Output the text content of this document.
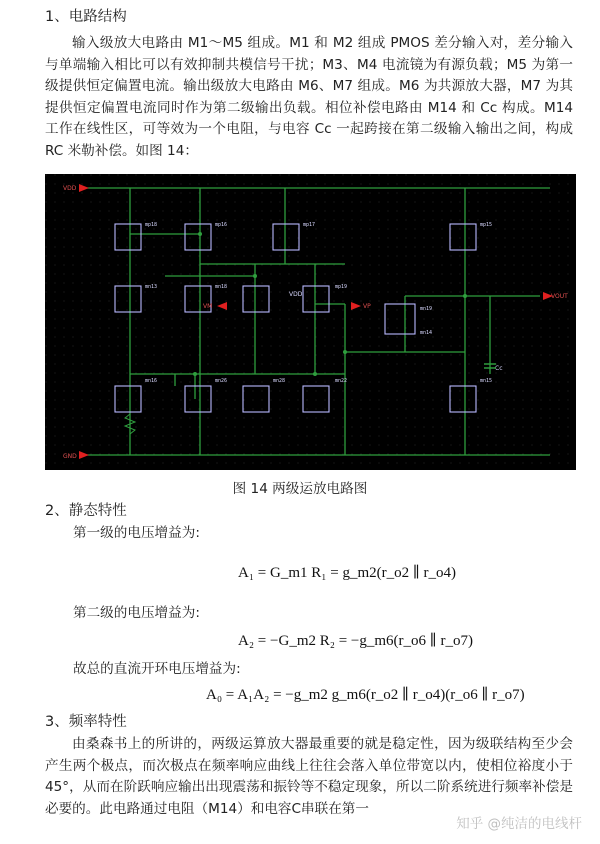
1、电路结构
输入级放大电路由 M1～M5 组成。M1 和 M2 组成 PMOS 差分输入对，差分输入与单端输入相比可以有效抑制共模信号干扰；M3、M4 电流镜为有源负载；M5 为第一级提供恒定偏置电流。输出级放大电路由 M6、M7 组成。M6 为共源放大器，M7 为其提供恒定偏置电流同时作为第二级输出负载。相位补偿电路由 M14 和 Cc 构成。M14 工作在线性区，可等效为一个电阻，与电容 Cc 一起跨接在第二级输入输出之间，构成 RC 米勒补偿。如图 14：
mp18	mp16	mp17	mp15
mn13	mn18	mp19
mn19
mn16	mn26	mn28	mn22	mn15
mn14
VDD
GND
VOUT
VM	VP
VDD
Cc
图 14 两级运放电路图
2、静态特性
第一级的电压增益为:
A₁ = G_m1 R₁ = g_m2(r_o2 ∥ r_o4)
第二级的电压增益为:
A₂ = −G_m2 R₂ = −g_m6(r_o6 ∥ r_o7)
故总的直流开环电压增益为:
A₀ = A₁A₂ = −g_m2 g_m6(r_o2 ∥ r_o4)(r_o6 ∥ r_o7)
3、频率特性
由桑森书上的所讲的，两级运算放大器最重要的就是稳定性，因为级联结构至少会产生两个极点，而次极点在频率响应曲线上往往会落入单位带宽以内，使相位裕度小于 45°，从而在阶跃响应输出出现震荡和振铃等不稳定现象，所以二阶系统进行频率补偿是必要的。此电路通过电阻（M14）和电容C串联在第一
知乎 @纯洁的电线杆
